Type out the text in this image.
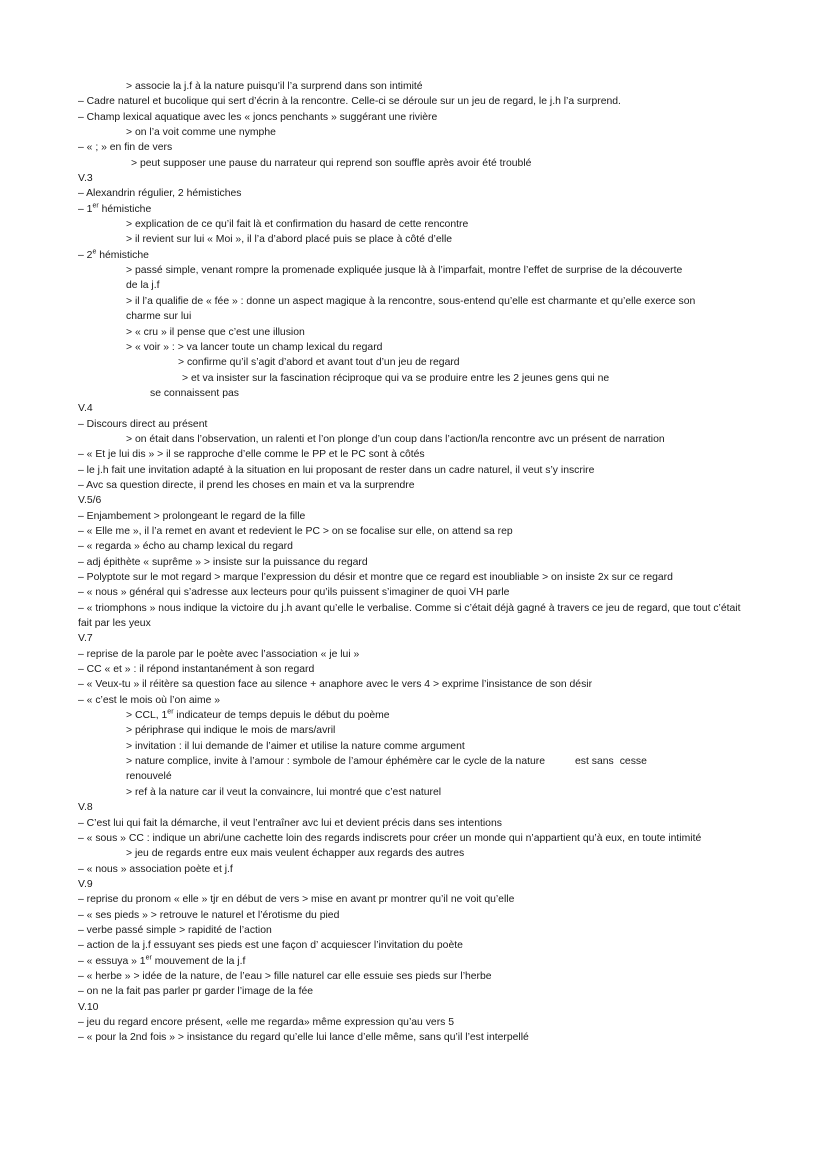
> associe la j.f à la nature puisqu’il l’a surprend dans son intimité
– Cadre naturel et bucolique qui sert d’écrin à la rencontre. Celle-ci se déroule sur un jeu de regard, le j.h l’a surprend.
– Champ lexical aquatique avec les « joncs penchants » suggérant une rivière
> on l’a voit comme une nymphe
– « ; » en fin de vers
> peut supposer une pause du narrateur qui reprend son souffle après avoir été troublé
V.3
– Alexandrin régulier, 2 hémistiches
– 1er hémistiche
> explication de ce qu’il fait là et confirmation du hasard de cette rencontre
> il revient sur lui « Moi », il l’a d’abord placé puis se place à côté d’elle
– 2e hémistiche
> passé simple, venant rompre la promenade expliquée jusque là à l’imparfait, montre l’effet de surprise de la découverte de la j.f
> il l’a qualifie de « fée » : donne un aspect magique à la rencontre, sous-entend qu’elle est charmante et qu’elle exerce son charme sur lui
> « cru » il pense que c’est une illusion
> « voir » : > va lancer toute un champ lexical du regard
> confirme qu’il s’agit d’abord et avant tout d’un jeu de regard
> et va insister sur la fascination réciproque qui va se produire entre les 2 jeunes gens qui ne
se connaissent pas
V.4
– Discours direct au présent
> on était dans l’observation, un ralenti et l’on plonge d’un coup dans l’action/la rencontre avc un présent de narration
– « Et je lui dis » > il se rapproche d’elle comme le PP et le PC sont à côtés
– le j.h fait une invitation adapté à la situation en lui proposant de rester dans un cadre naturel, il veut s’y inscrire
– Avc sa question directe, il prend les choses en main et va la surprendre
V.5/6
– Enjambement > prolongeant le regard de la fille
– « Elle me », il l’a remet en avant et redevient le PC > on se focalise sur elle, on attend sa rep
– « regarda » écho au champ lexical du regard
– adj épithète « suprême » > insiste sur la puissance du regard
– Polyptote sur le mot regard > marque l’expression du désir et montre que ce regard est inoubliable > on insiste 2x sur ce regard
– « nous » général qui s’adresse aux lecteurs pour qu’ils puissent s’imaginer de quoi VH parle
– « triomphons » nous indique la victoire du j.h avant qu’elle le verbalise. Comme si c’était déjà gagné à travers ce jeu de regard, que tout c’était fait par les yeux
V.7
– reprise de la parole par le poète avec l’association « je lui »
– CC « et » : il répond instantanément à son regard
– « Veux-tu » il réitère sa question face au silence + anaphore avec le vers 4 > exprime l’insistance de son désir
– « c’est le mois où l’on aime »
> CCL, 1er indicateur de temps depuis le début du poème
> périphrase qui indique le mois de mars/avril
> invitation : il lui demande de l’aimer et utilise la nature comme argument
> nature complice, invite à l’amour : symbole de l’amour éphémère car le cycle de la nature	est sans cesse
renouvelé
> ref à la nature car il veut la convaincre, lui montré que c’est naturel
V.8
– C’est lui qui fait la démarche, il veut l’entraîner avc lui et devient précis dans ses intentions
– « sous » CC : indique un abri/une cachette loin des regards indiscrets pour créer un monde qui n’appartient qu’à eux, en toute intimité
> jeu de regards entre eux mais veulent échapper aux regards des autres
– « nous » association poète et j.f
V.9
– reprise du pronom « elle » tjr en début de vers > mise en avant pr montrer qu’il ne voit qu’elle
– « ses pieds » > retrouve le naturel et l’érotisme du pied
– verbe passé simple > rapidité de l’action
– action de la j.f essuyant ses pieds est une façon d’ acquiescer l’invitation du poète
– « essuya » 1er mouvement de la j.f
– « herbe » > idée de la nature, de l’eau > fille naturel car elle essuie ses pieds sur l’herbe
– on ne la fait pas parler pr garder l’image de la fée
V.10
– jeu du regard encore présent, «elle me regarda» même expression qu’au vers 5
– « pour la 2nd fois » > insistance du regard qu’elle lui lance d’elle même, sans qu’il l’est interpellé
